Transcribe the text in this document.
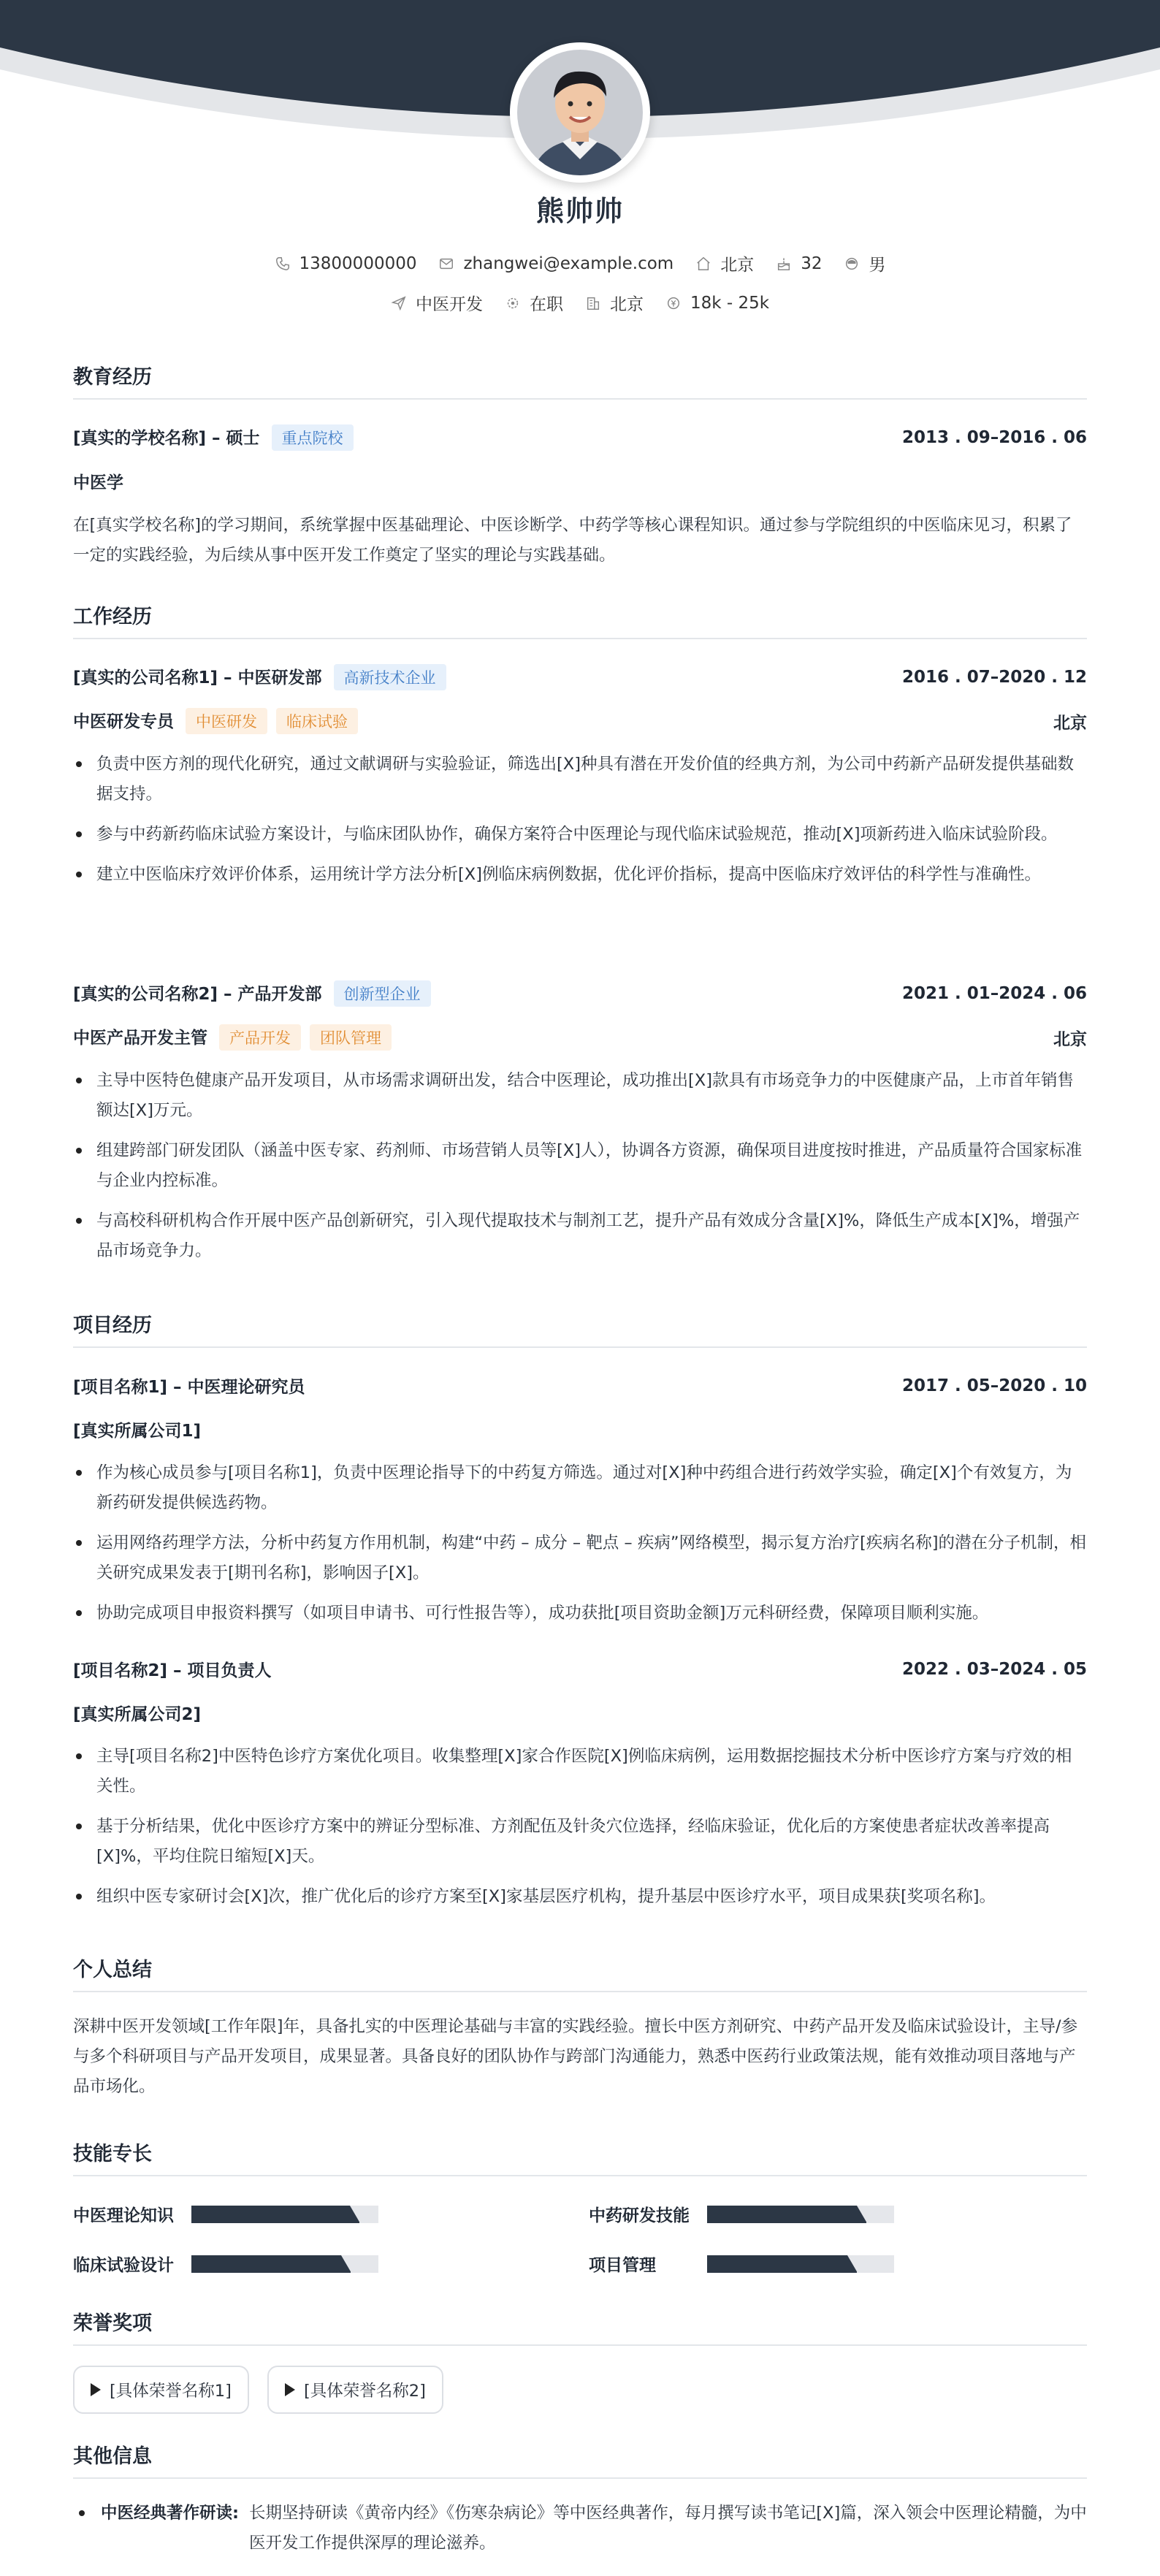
熊帅帅
13800000000	zhangwei@example.com	北京	32	男
中医开发	在职	北京	18k - 25k
教育经历
[真实的学校名称] – 硕士 重点院校	2013 . 09–2016 . 06
中医学
在[真实学校名称]的学习期间，系统掌握中医基础理论、中医诊断学、中药学等核心课程知识。通过参与学院组织的中医临床见习，积累了一定的实践经验，为后续从事中医开发工作奠定了坚实的理论与实践基础。
工作经历
[真实的公司名称1] – 中医研发部 高新技术企业	2016 . 07–2020 . 12
中医研发专员 中医研发 临床试验	北京
负责中医方剂的现代化研究，通过文献调研与实验验证，筛选出[X]种具有潜在开发价值的经典方剂，为公司中药新产品研发提供基础数据支持。
参与中药新药临床试验方案设计，与临床团队协作，确保方案符合中医理论与现代临床试验规范，推动[X]项新药进入临床试验阶段。
建立中医临床疗效评价体系，运用统计学方法分析[X]例临床病例数据，优化评价指标，提高中医临床疗效评估的科学性与准确性。
[真实的公司名称2] – 产品开发部 创新型企业	2021 . 01–2024 . 06
中医产品开发主管 产品开发 团队管理	北京
主导中医特色健康产品开发项目，从市场需求调研出发，结合中医理论，成功推出[X]款具有市场竞争力的中医健康产品，上市首年销售额达[X]万元。
组建跨部门研发团队（涵盖中医专家、药剂师、市场营销人员等[X]人），协调各方资源，确保项目进度按时推进，产品质量符合国家标准与企业内控标准。
与高校科研机构合作开展中医产品创新研究，引入现代提取技术与制剂工艺，提升产品有效成分含量[X]%，降低生产成本[X]%，增强产品市场竞争力。
项目经历
[项目名称1] – 中医理论研究员	2017 . 05–2020 . 10
[真实所属公司1]
作为核心成员参与[项目名称1]，负责中医理论指导下的中药复方筛选。通过对[X]种中药组合进行药效学实验，确定[X]个有效复方，为新药研发提供候选药物。
运用网络药理学方法，分析中药复方作用机制，构建“中药 – 成分 – 靶点 – 疾病”网络模型，揭示复方治疗[疾病名称]的潜在分子机制，相关研究成果发表于[期刊名称]，影响因子[X]。
协助完成项目申报资料撰写（如项目申请书、可行性报告等），成功获批[项目资助金额]万元科研经费，保障项目顺利实施。
[项目名称2] – 项目负责人	2022 . 03–2024 . 05
[真实所属公司2]
主导[项目名称2]中医特色诊疗方案优化项目。收集整理[X]家合作医院[X]例临床病例，运用数据挖掘技术分析中医诊疗方案与疗效的相关性。
基于分析结果，优化中医诊疗方案中的辨证分型标准、方剂配伍及针灸穴位选择，经临床验证，优化后的方案使患者症状改善率提高[X]%，平均住院日缩短[X]天。
组织中医专家研讨会[X]次，推广优化后的诊疗方案至[X]家基层医疗机构，提升基层中医诊疗水平，项目成果获[奖项名称]。
个人总结
深耕中医开发领域[工作年限]年，具备扎实的中医理论基础与丰富的实践经验。擅长中医方剂研究、中药产品开发及临床试验设计，主导/参与多个科研项目与产品开发项目，成果显著。具备良好的团队协作与跨部门沟通能力，熟悉中医药行业政策法规，能有效推动项目落地与产品市场化。
技能专长
中医理论知识	中药研发技能
临床试验设计	项目管理
荣誉奖项
[具体荣誉名称1]	[具体荣誉名称2]
其他信息
中医经典著作研读: 长期坚持研读《黄帝内经》《伤寒杂病论》等中医经典著作，每月撰写读书笔记[X]篇，深入领会中医理论精髓，为中医开发工作提供深厚的理论滋养。
